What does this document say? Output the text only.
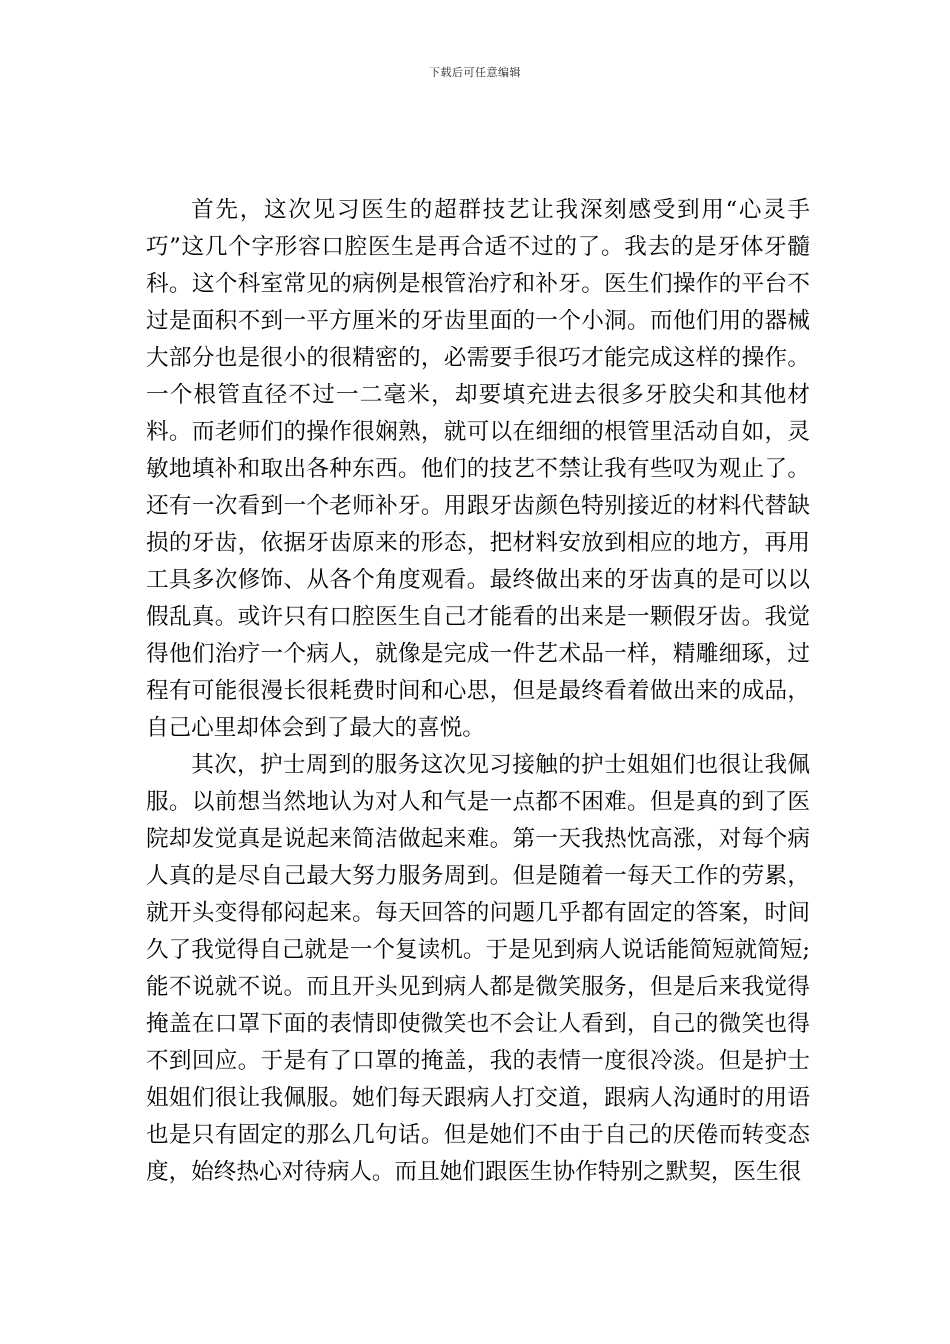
下载后可任意编辑

首先，这次见习医生的超群技艺让我深刻感受到用“心灵手巧”这几个字形容口腔医生是再合适不过的了。我去的是牙体牙髓科。这个科室常见的病例是根管治疗和补牙。医生们操作的平台不过是面积不到一平方厘米的牙齿里面的一个小洞。而他们用的器械大部分也是很小的很精密的，必需要手很巧才能完成这样的操作。一个根管直径不过一二毫米，却要填充进去很多牙胶尖和其他材料。而老师们的操作很娴熟，就可以在细细的根管里活动自如，灵敏地填补和取出各种东西。他们的技艺不禁让我有些叹为观止了。还有一次看到一个老师补牙。用跟牙齿颜色特别接近的材料代替缺损的牙齿，依据牙齿原来的形态，把材料安放到相应的地方，再用工具多次修饰、从各个角度观看。最终做出来的牙齿真的是可以以假乱真。或许只有口腔医生自己才能看的出来是一颗假牙齿。我觉得他们治疗一个病人，就像是完成一件艺术品一样，精雕细琢，过程有可能很漫长很耗费时间和心思，但是最终看着做出来的成品，自己心里却体会到了最大的喜悦。

其次，护士周到的服务这次见习接触的护士姐姐们也很让我佩服。以前想当然地认为对人和气是一点都不困难。但是真的到了医院却发觉真是说起来简洁做起来难。第一天我热忱高涨，对每个病人真的是尽自己最大努力服务周到。但是随着一每天工作的劳累，就开头变得郁闷起来。每天回答的问题几乎都有固定的答案，时间久了我觉得自己就是一个复读机。于是见到病人说话能简短就简短;能不说就不说。而且开头见到病人都是微笑服务，但是后来我觉得掩盖在口罩下面的表情即使微笑也不会让人看到，自己的微笑也得不到回应。于是有了口罩的掩盖，我的表情一度很冷淡。但是护士姐姐们很让我佩服。她们每天跟病人打交道，跟病人沟通时的用语也是只有固定的那么几句话。但是她们不由于自己的厌倦而转变态度，始终热心对待病人。而且她们跟医生协作特别之默契，医生很
